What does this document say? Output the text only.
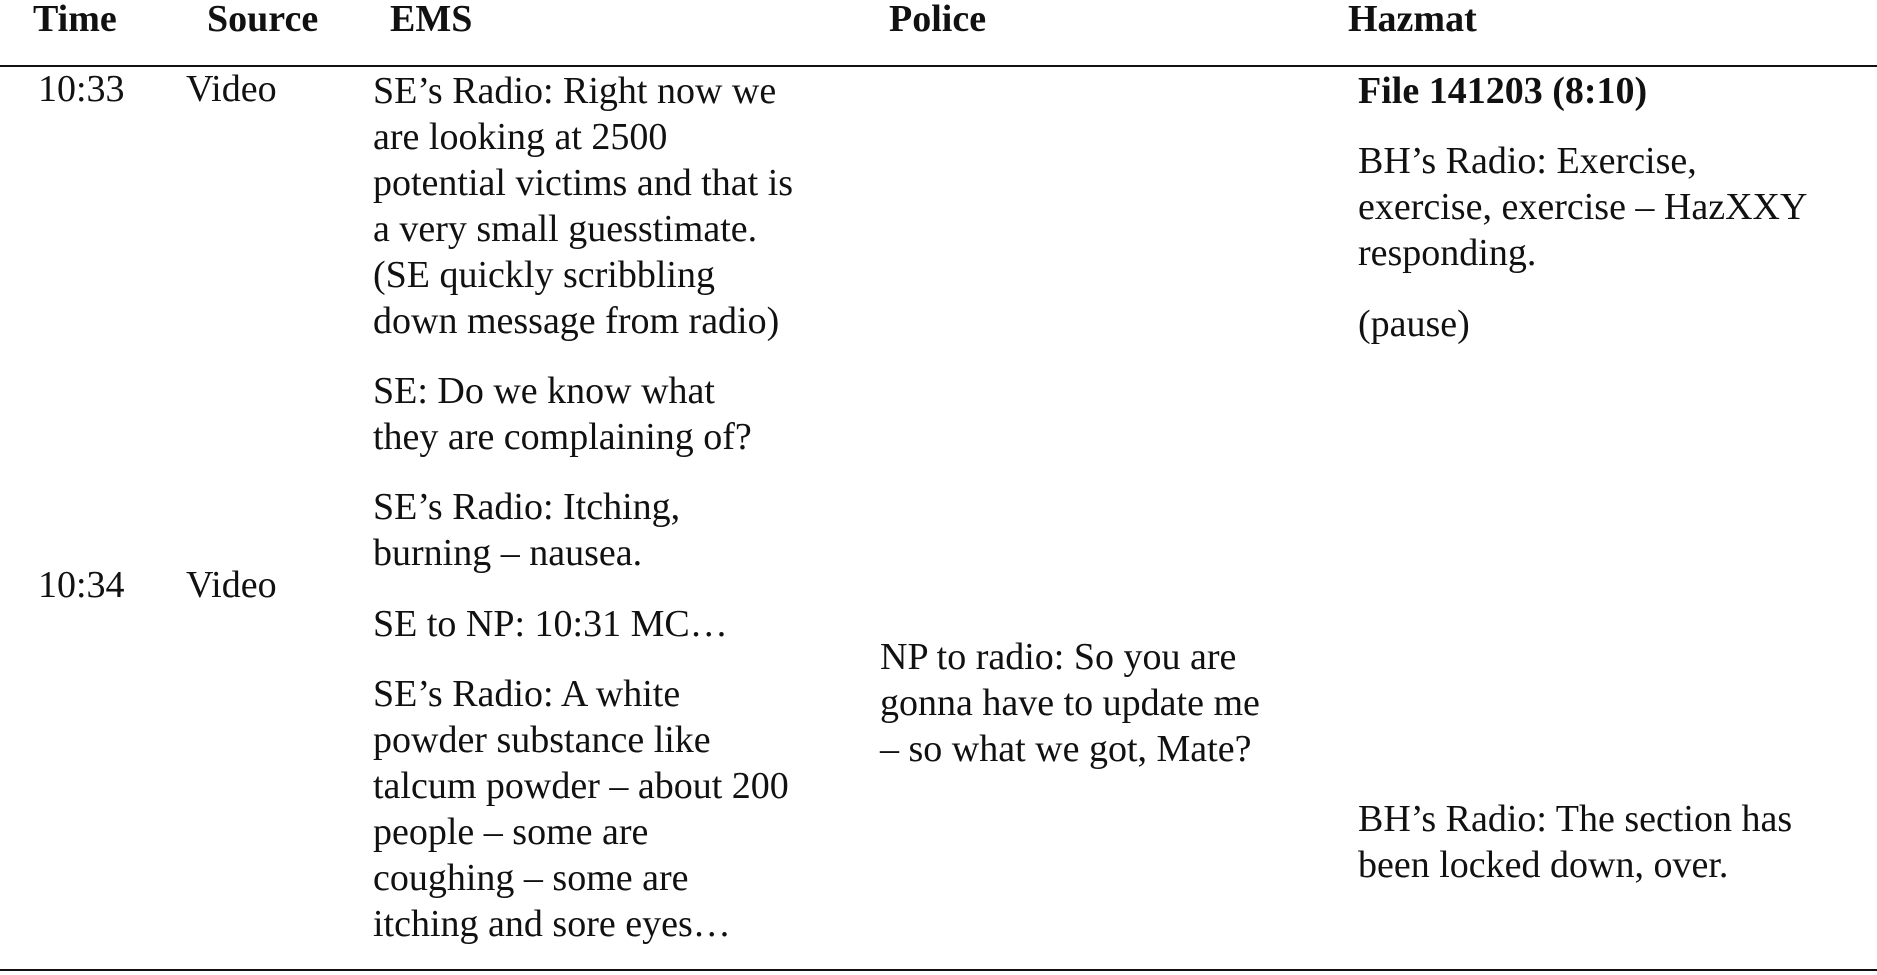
Time Source EMS	Police	Hazmat
10:33 Video
10:34 Video
SE’s Radio: Right now we
are looking at 2500
potential victims and that is
a very small guesstimate.
(SE quickly scribbling
down message from radio)
SE: Do we know what
they are complaining of?
SE’s Radio: Itching,
burning – nausea.
SE to NP: 10:31 MC…
SE’s Radio: A white
powder substance like
talcum powder – about 200
people – some are
coughing – some are
itching and sore eyes…
NP to radio: So you are
gonna have to update me
– so what we got, Mate?
File 141203 (8:10)
BH’s Radio: Exercise,
exercise, exercise – HazXXY
responding.
(pause)
BH’s Radio: The section has
been locked down, over.
